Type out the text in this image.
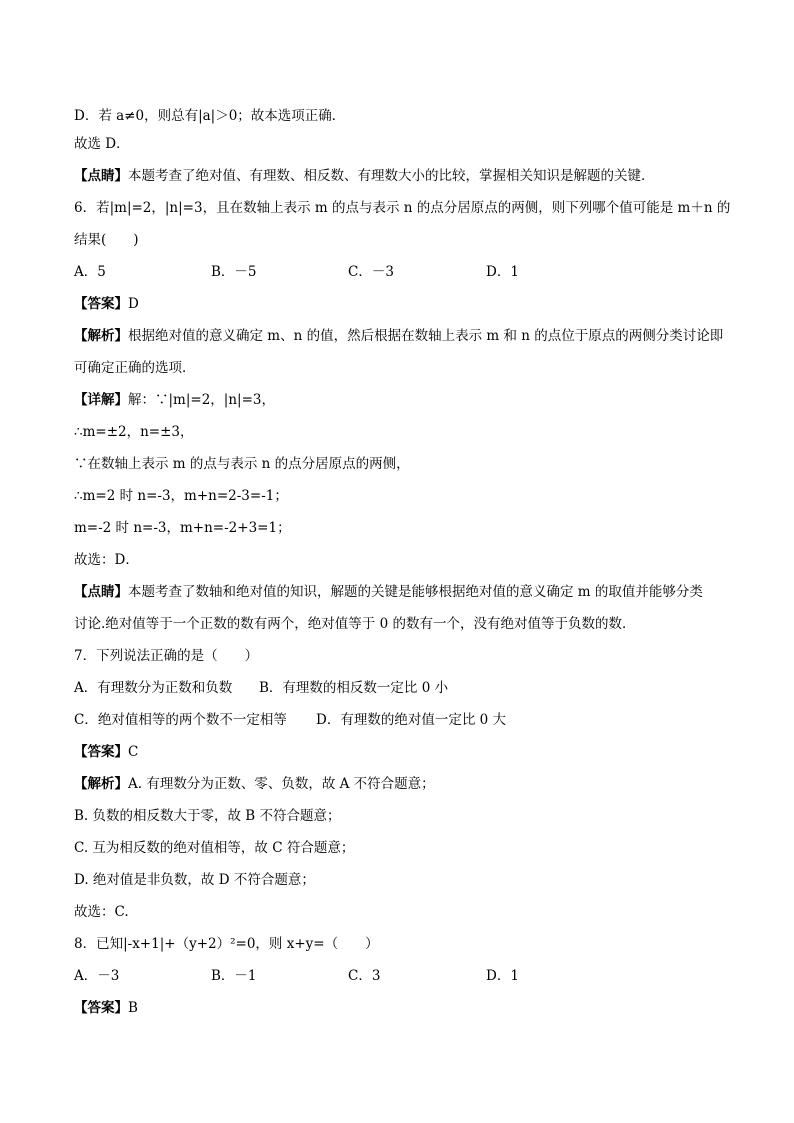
D．若 a≠0，则总有|a|＞0；故本选项正确．
故选 D．
【点睛】本题考查了绝对值、有理数、相反数、有理数大小的比较，掌握相关知识是解题的关键．
6．若|m|=2，|n|=3，且在数轴上表示 m 的点与表示 n 的点分居原点的两侧，则下列哪个值可能是 m＋n 的
结果(　　)
A．5	B．－5	C．－3	D．1
【答案】D
【解析】根据绝对值的意义确定 m、n 的值，然后根据在数轴上表示 m 和 n 的点位于原点的两侧分类讨论即
可确定正确的选项．
【详解】解：∵|m|=2，|n|=3，
∴m=±2，n=±3，
∵在数轴上表示 m 的点与表示 n 的点分居原点的两侧，
∴m=2 时 n=-3，m+n=2-3=-1；
m=-2 时 n=-3，m+n=-2+3=1；
故选：D．
【点睛】本题考查了数轴和绝对值的知识，解题的关键是能够根据绝对值的意义确定 m 的取值并能够分类
讨论.绝对值等于一个正数的数有两个，绝对值等于 0 的数有一个，没有绝对值等于负数的数．
7．下列说法正确的是（　　）
A．有理数分为正数和负数 B．有理数的相反数一定比 0 小
C．绝对值相等的两个数不一定相等 D．有理数的绝对值一定比 0 大
【答案】C
【解析】A. 有理数分为正数、零、负数，故 A 不符合题意；
B. 负数的相反数大于零，故 B 不符合题意；
C. 互为相反数的绝对值相等，故 C 符合题意；
D. 绝对值是非负数，故 D 不符合题意；
故选：C.
8．已知|-x+1|+（y+2）²=0，则 x+y=（　　）
A．－3	B．－1	C．3	D．1
【答案】B
